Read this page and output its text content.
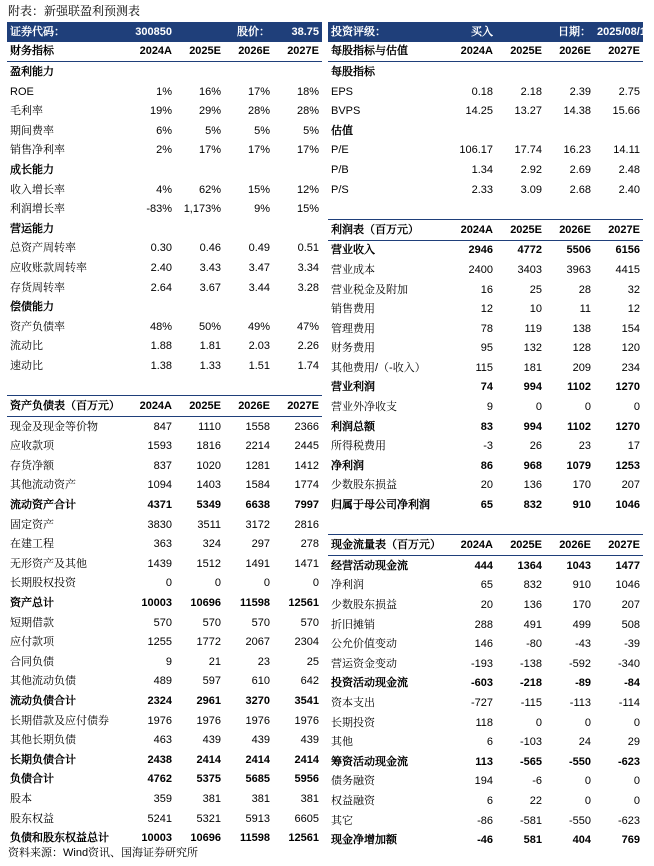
附表：新强联盈利预测表
证券代码：	300850		股价：	38.75
财务指标	2024A	2025E	2026E	2027E
盈利能力				
ROE	1%	16%	17%	18%
毛利率	19%	29%	28%	28%
期间费率	6%	5%	5%	5%
销售净利率	2%	17%	17%	17%
成长能力				
收入增长率	4%	62%	15%	12%
利润增长率	-83%	1,173%	9%	15%
营运能力				
总资产周转率	0.30	0.46	0.49	0.51
应收账款周转率	2.40	3.43	3.47	3.34
存货周转率	2.64	3.67	3.44	3.28
偿债能力				
资产负债率	48%	50%	49%	47%
流动比	1.88	1.81	2.03	2.26
速动比	1.38	1.33	1.51	1.74

资产负债表（百万元）	2024A	2025E	2026E	2027E
现金及现金等价物	847	1110	1558	2366
应收款项	1593	1816	2214	2445
存货净额	837	1020	1281	1412
其他流动资产	1094	1403	1584	1774
流动资产合计	4371	5349	6638	7997
固定资产	3830	3511	3172	2816
在建工程	363	324	297	278
无形资产及其他	1439	1512	1491	1471
长期股权投资	0	0	0	0
资产总计	10003	10696	11598	12561
短期借款	570	570	570	570
应付款项	1255	1772	2067	2304
合同负债	9	21	23	25
其他流动负债	489	597	610	642
流动负债合计	2324	2961	3270	3541
长期借款及应付债券	1976	1976	1976	1976
其他长期负债	463	439	439	439
长期负债合计	2438	2414	2414	2414
负债合计	4762	5375	5685	5956
股本	359	381	381	381
股东权益	5241	5321	5913	6605
负债和股东权益总计	10003	10696	11598	12561
投资评级：	买入		日期：	2025/08/12
每股指标与估值	2024A	2025E	2026E	2027E
每股指标				
EPS	0.18	2.18	2.39	2.75
BVPS	14.25	13.27	14.38	15.66
估值				
P/E	106.17	17.74	16.23	14.11
P/B	1.34	2.92	2.69	2.48
P/S	2.33	3.09	2.68	2.40

利润表（百万元）	2024A	2025E	2026E	2027E
营业收入	2946	4772	5506	6156
营业成本	2400	3403	3963	4415
营业税金及附加	16	25	28	32
销售费用	12	10	11	12
管理费用	78	119	138	154
财务费用	95	132	128	120
其他费用/（-收入）	115	181	209	234
营业利润	74	994	1102	1270
营业外净收支	9	0	0	0
利润总额	83	994	1102	1270
所得税费用	-3	26	23	17
净利润	86	968	1079	1253
少数股东损益	20	136	170	207
归属于母公司净利润	65	832	910	1046

现金流量表（百万元）	2024A	2025E	2026E	2027E
经营活动现金流	444	1364	1043	1477
净利润	65	832	910	1046
少数股东损益	20	136	170	207
折旧摊销	288	491	499	508
公允价值变动	146	-80	-43	-39
营运资金变动	-193	-138	-592	-340
投资活动现金流	-603	-218	-89	-84
资本支出	-727	-115	-113	-114
长期投资	118	0	0	0
其他	6	-103	24	29
筹资活动现金流	113	-565	-550	-623
债务融资	194	-6	0	0
权益融资	6	22	0	0
其它	-86	-581	-550	-623
现金净增加额	-46	581	404	769
资料来源：Wind资讯、国海证券研究所
